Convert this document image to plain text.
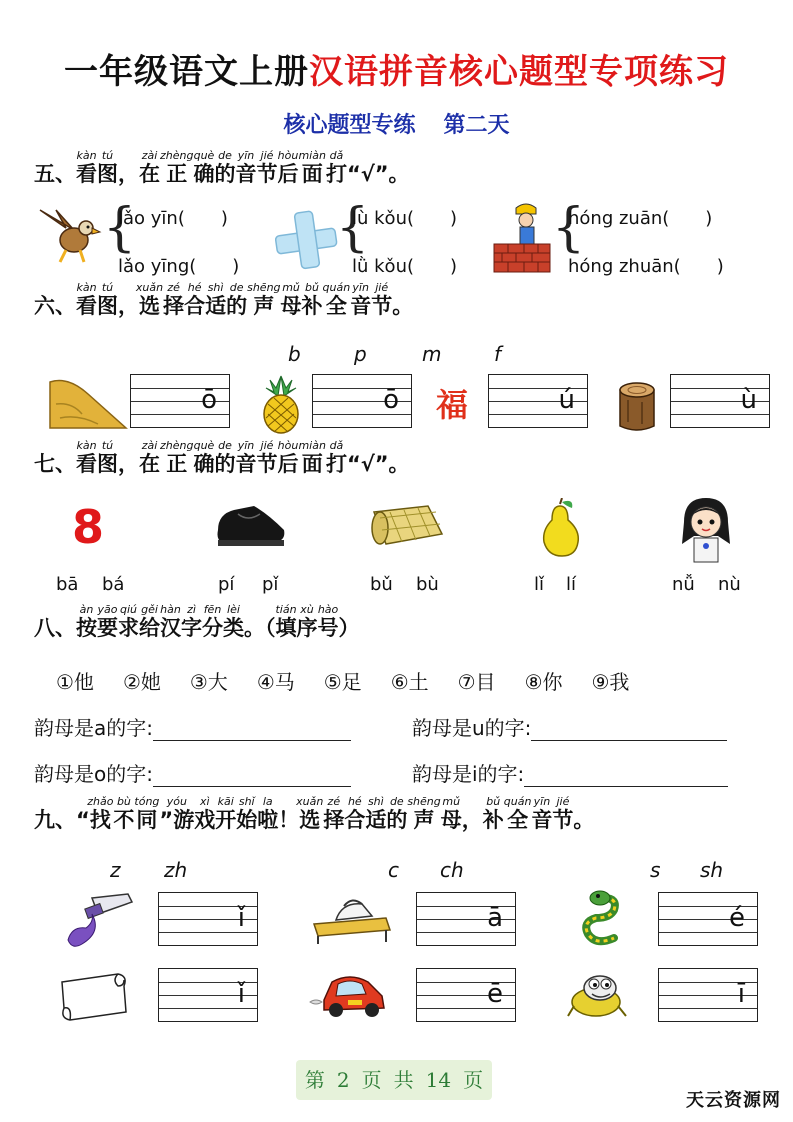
一年级语文上册汉语拼音核心题型专项练习
核心题型专练 第二天
五、看kàn图tú，在zài正zhèng确què的de音yīn节jié后hòu面miàn打dǎ“√”。
{
lǎo yīn(　　)
lǎo yīng(　　)
{
lù kǒu(　　)
lǜ kǒu(　　)
{
hóng zuān(　　)
hóng zhuān(　　)
六、看kàn图tú，选xuǎn择zé合hé适shì的de声shēng母mǔ补bǔ全quán音yīn节jié。
b	p	m	f
ō	ō 福	ú	ù
七、看kàn图tú，在zài正zhèng确què的de音yīn节jié后hòu面miàn打dǎ“√”。
8
bā bá	pí pǐ	bǔ bù	lǐ lí	nǚ nù
八、按àn要yāo求qiú给gěi汉hàn字zì分fēn类lèi。（填tián序xù号hào）
①他 ②她 ③大 ④马 ⑤足 ⑥土 ⑦目 ⑧你 ⑨我
韵母是a的字:	韵母是u的字:
韵母是o的字:	韵母是i的字:
九、“找zhǎo不bù同tóng”游yóu戏xì开kāi始shǐ啦la！选xuǎn择zé合hé适shì的de声shēng母mǔ，补bǔ全quán音yīn节jié。
z zh	c ch	s sh
ǐ	ā	é
ǐ	ē	ī
第 2 页 共 14 页
天云资源网
